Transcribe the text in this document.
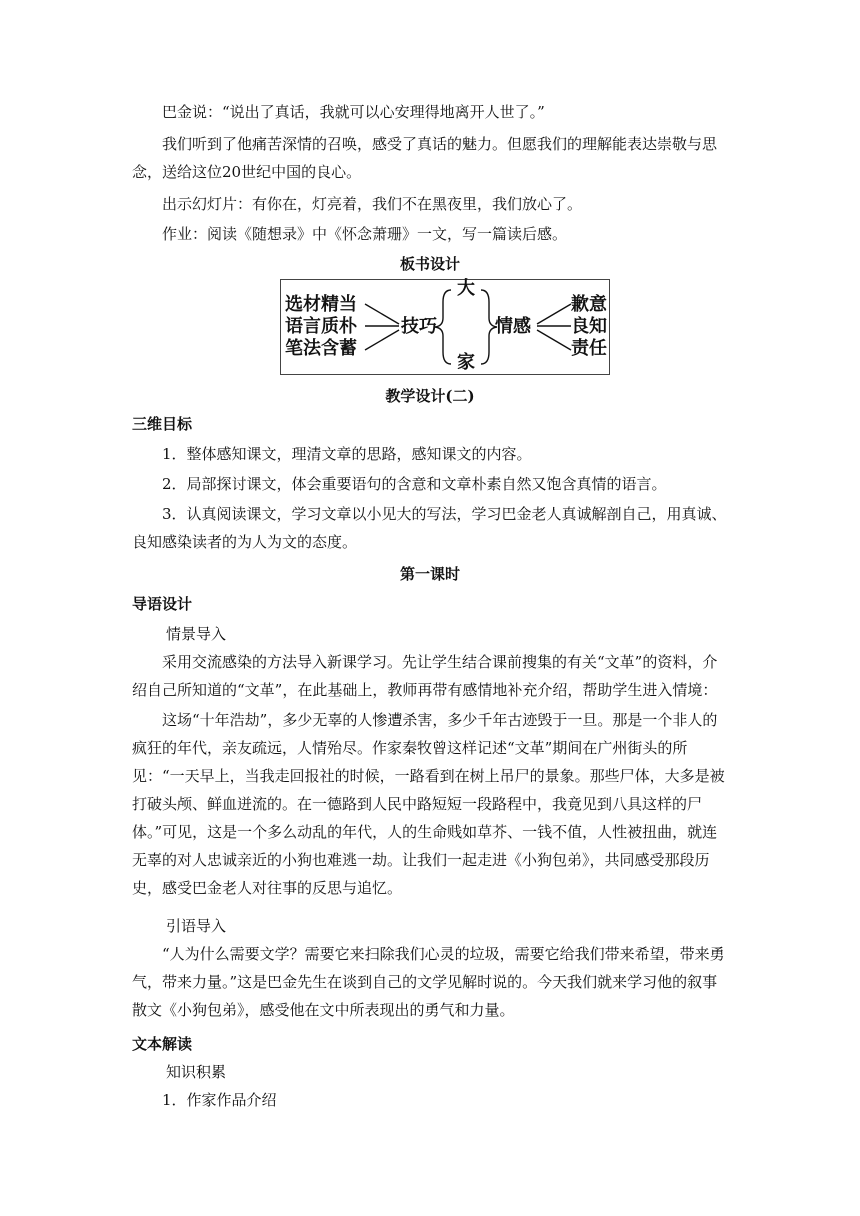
巴金说：“说出了真话，我就可以心安理得地离开人世了。”

我们听到了他痛苦深情的召唤，感受了真话的魅力。但愿我们的理解能表达崇敬与思念，送给这位20世纪中国的良心。

出示幻灯片：有你在，灯亮着，我们不在黑夜里，我们放心了。

作业：阅读《随想录》中《怀念萧珊》一文，写一篇读后感。

板书设计

选材精当
语言质朴
笔法含蓄
技巧
大
家
情感
歉意
良知
责任

教学设计(二)

三维目标

1．整体感知课文，理清文章的思路，感知课文的内容。

2．局部探讨课文，体会重要语句的含意和文章朴素自然又饱含真情的语言。

3．认真阅读课文，学习文章以小见大的写法，学习巴金老人真诚解剖自己，用真诚、良知感染读者的为人为文的态度。

第一课时

导语设计

情景导入

采用交流感染的方法导入新课学习。先让学生结合课前搜集的有关“文革”的资料，介绍自己所知道的“文革”，在此基础上，教师再带有感情地补充介绍，帮助学生进入情境：

这场“十年浩劫”，多少无辜的人惨遭杀害，多少千年古迹毁于一旦。那是一个非人的疯狂的年代，亲友疏远，人情殆尽。作家秦牧曾这样记述“文革”期间在广州街头的所见：“一天早上，当我走回报社的时候，一路看到在树上吊尸的景象。那些尸体，大多是被打破头颅、鲜血迸流的。在一德路到人民中路短短一段路程中，我竟见到八具这样的尸体。”可见，这是一个多么动乱的年代，人的生命贱如草芥、一钱不值，人性被扭曲，就连无辜的对人忠诚亲近的小狗也难逃一劫。让我们一起走进《小狗包弟》，共同感受那段历史，感受巴金老人对往事的反思与追忆。

引语导入

“人为什么需要文学？需要它来扫除我们心灵的垃圾，需要它给我们带来希望，带来勇气，带来力量。”这是巴金先生在谈到自己的文学见解时说的。今天我们就来学习他的叙事散文《小狗包弟》，感受他在文中所表现出的勇气和力量。

文本解读

知识积累

1．作家作品介绍
